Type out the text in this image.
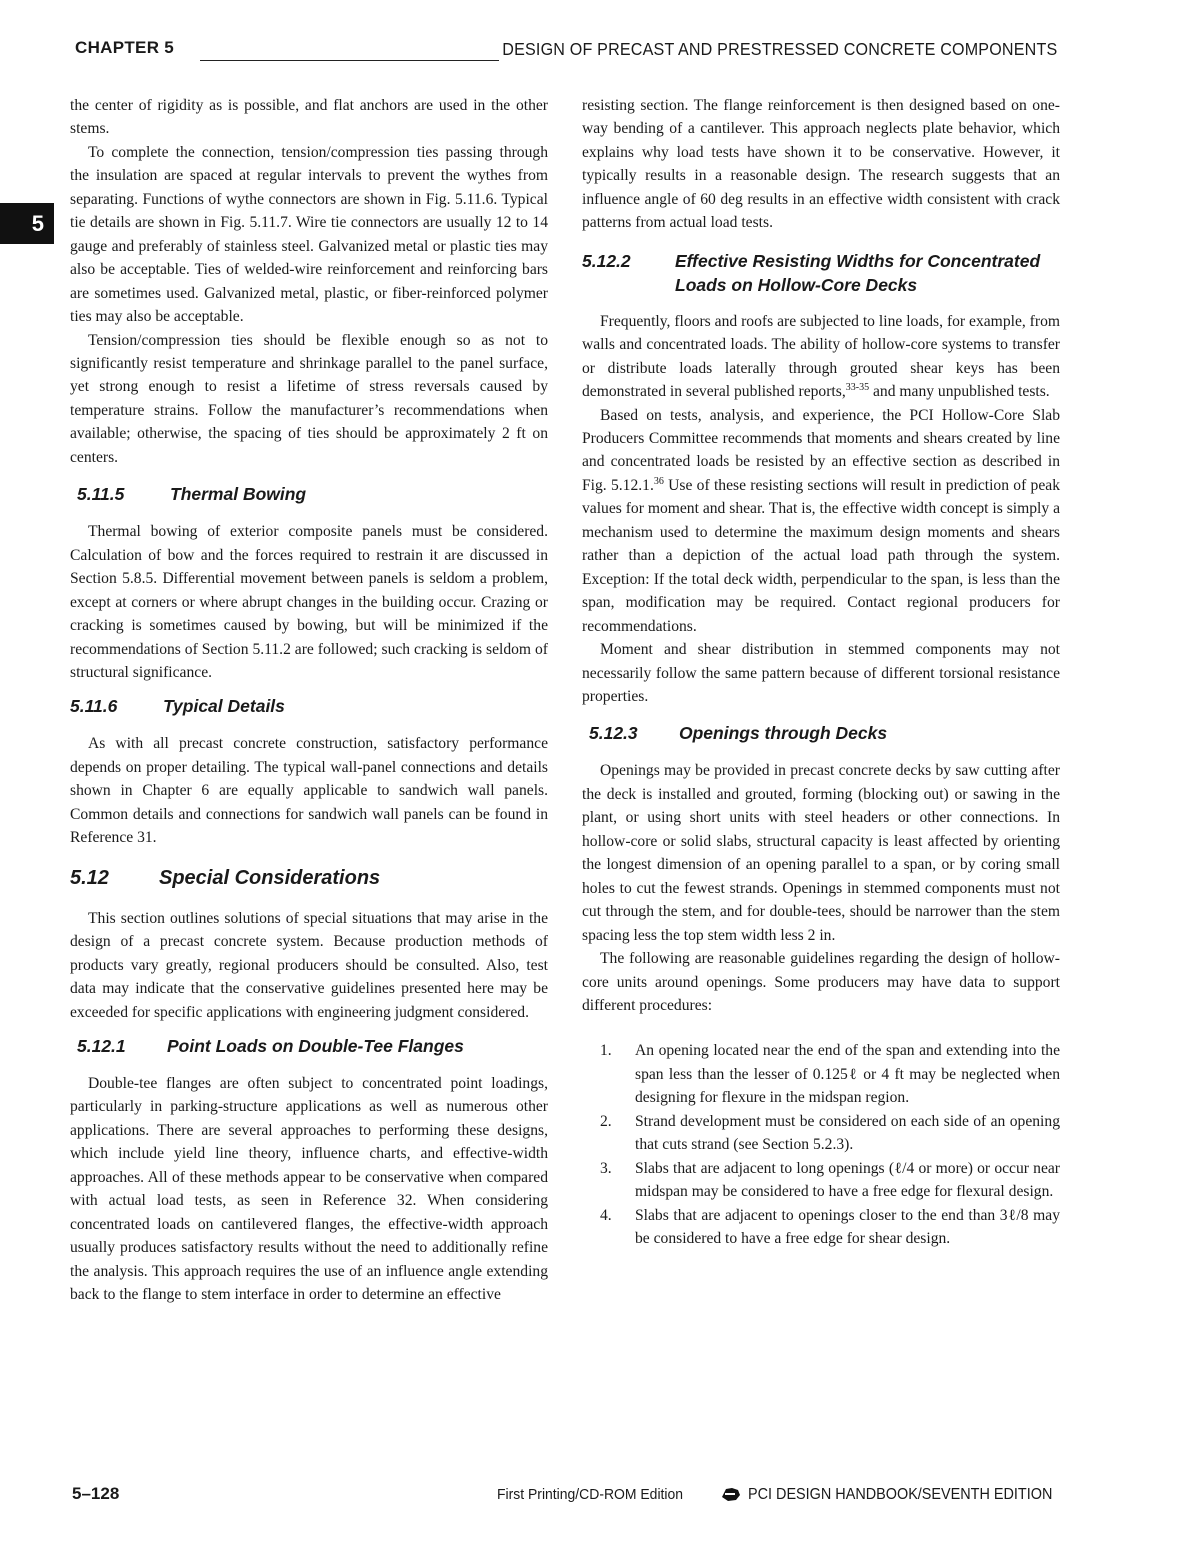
CHAPTER 5	DESIGN OF PRECAST AND PRESTRESSED CONCRETE COMPONENTS
5

the center of rigidity as is possible, and flat anchors are used in the other stems.

To complete the connection, tension/compression ties passing through the insulation are spaced at regular intervals to prevent the wythes from separating. Functions of wythe connectors are shown in Fig. 5.11.6. Typical tie details are shown in Fig. 5.11.7. Wire tie connectors are usually 12 to 14 gauge and preferably of stainless steel. Galvanized metal or plastic ties may also be acceptable. Ties of welded-wire reinforcement and reinforcing bars are sometimes used. Galvanized metal, plastic, or fiber-reinforced polymer ties may also be acceptable.

Tension/compression ties should be flexible enough so as not to significantly resist temperature and shrinkage parallel to the panel surface, yet strong enough to resist a lifetime of stress reversals caused by temperature strains. Follow the manufacturer’s recommendations when available; otherwise, the spacing of ties should be approximately 2 ft on centers.

5.11.5	Thermal Bowing

Thermal bowing of exterior composite panels must be considered. Calculation of bow and the forces required to restrain it are discussed in Section 5.8.5. Differential movement between panels is seldom a problem, except at corners or where abrupt changes in the building occur. Crazing or cracking is sometimes caused by bowing, but will be minimized if the recommendations of Section 5.11.2 are followed; such cracking is seldom of structural significance.

5.11.6	Typical Details

As with all precast concrete construction, satisfactory performance depends on proper detailing. The typical wall-panel connections and details shown in Chapter 6 are equally applicable to sandwich wall panels. Common details and connections for sandwich wall panels can be found in Reference 31.

5.12	Special Considerations

This section outlines solutions of special situations that may arise in the design of a precast concrete system. Because production methods of products vary greatly, regional producers should be consulted. Also, test data may indicate that the conservative guidelines presented here may be exceeded for specific applications with engineering judgment considered.

5.12.1	Point Loads on Double-Tee Flanges

Double-tee flanges are often subject to concentrated point loadings, particularly in parking-structure applications as well as numerous other applications. There are several approaches to performing these designs, which include yield line theory, influence charts, and effective-width approaches. All of these methods appear to be conservative when compared with actual load tests, as seen in Reference 32. When considering concentrated loads on cantilevered flanges, the effective-width approach usually produces satisfactory results without the need to additionally refine the analysis. This approach requires the use of an influence angle extending back to the flange to stem interface in order to determine an effective

resisting section. The flange reinforcement is then designed based on one-way bending of a cantilever. This approach neglects plate behavior, which explains why load tests have shown it to be conservative. However, it typically results in a reasonable design. The research suggests that an influence angle of 60 deg results in an effective width consistent with crack patterns from actual load tests.

5.12.2	Effective Resisting Widths for Concentrated Loads on Hollow-Core Decks

Frequently, floors and roofs are subjected to line loads, for example, from walls and concentrated loads. The ability of hollow-core systems to transfer or distribute loads laterally through grouted shear keys has been demonstrated in several published reports,$^{33-35}$ and many unpublished tests.

Based on tests, analysis, and experience, the PCI Hollow-Core Slab Producers Committee recommends that moments and shears created by line and concentrated loads be resisted by an effective section as described in Fig. 5.12.1.36 Use of these resisting sections will result in prediction of peak values for moment and shear. That is, the effective width concept is simply a mechanism used to determine the maximum design moments and shears rather than a depiction of the actual load path through the system. Exception: If the total deck width, perpendicular to the span, is less than the span, modification may be required. Contact regional producers for recommendations.

Moment and shear distribution in stemmed components may not necessarily follow the same pattern because of different torsional resistance properties.

5.12.3	Openings through Decks

Openings may be provided in precast concrete decks by saw cutting after the deck is installed and grouted, forming (blocking out) or sawing in the plant, or using short units with steel headers or other connections. In hollow-core or solid slabs, structural capacity is least affected by orienting the longest dimension of an opening parallel to a span, or by coring small holes to cut the fewest strands. Openings in stemmed components must not cut through the stem, and for double-tees, should be narrower than the stem spacing less the top stem width less 2 in.

The following are reasonable guidelines regarding the design of hollow-core units around openings. Some producers may have data to support different procedures:

1.	An opening located near the end of the span and extending into the span less than the lesser of 0.125ℓ or 4 ft may be neglected when designing for flexure in the midspan region.
2.	Strand development must be considered on each side of an opening that cuts strand (see Section 5.2.3).
3.	Slabs that are adjacent to long openings (ℓ/4 or more) or occur near midspan may be considered to have a free edge for flexural design.
4.	Slabs that are adjacent to openings closer to the end than 3ℓ/8 may be considered to have a free edge for shear design.
5–128	First Printing/CD-ROM Edition	PCI DESIGN HANDBOOK/SEVENTH EDITION
